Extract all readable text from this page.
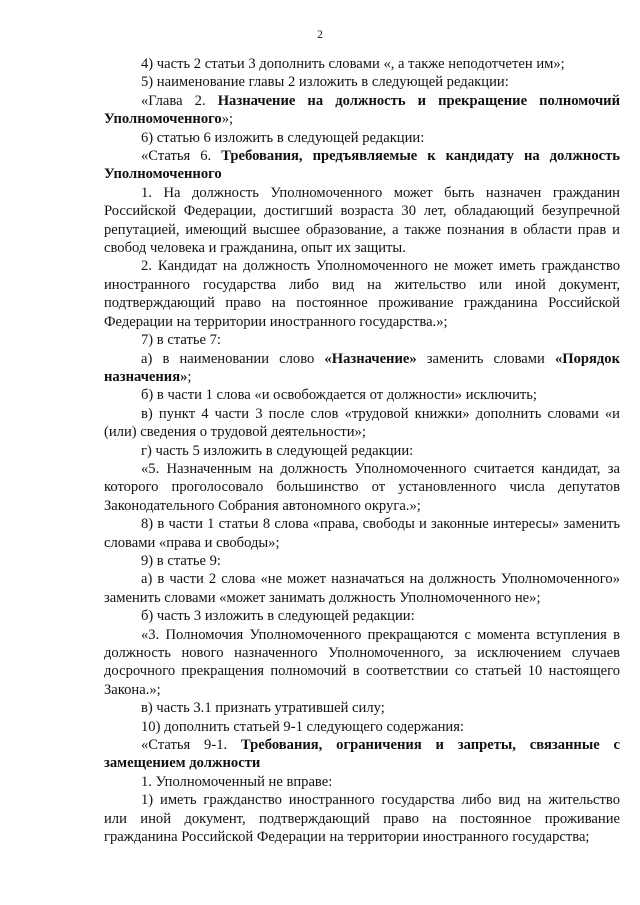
2

4) часть 2 статьи 3 дополнить словами «, а также неподотчетен им»;

5) наименование главы 2 изложить в следующей редакции:

«Глава 2. Назначение на должность и прекращение полномочий Уполномоченного»;

6) статью 6 изложить в следующей редакции:

«Статья 6. Требования, предъявляемые к кандидату на должность Уполномоченного

1. На должность Уполномоченного может быть назначен гражданин Российской Федерации, достигший возраста 30 лет, обладающий безупречной репутацией, имеющий высшее образование, а также познания в области прав и свобод человека и гражданина, опыт их защиты.

2. Кандидат на должность Уполномоченного не может иметь гражданство иностранного государства либо вид на жительство или иной документ, подтверждающий право на постоянное проживание гражданина Российской Федерации на территории иностранного государства.»;

7) в статье 7:

а) в наименовании слово «Назначение» заменить словами «Порядок назначения»;

б) в части 1 слова «и освобождается от должности» исключить;

в) пункт 4 части 3 после слов «трудовой книжки» дополнить словами «и (или) сведения о трудовой деятельности»;

г) часть 5 изложить в следующей редакции:

«5. Назначенным на должность Уполномоченного считается кандидат, за которого проголосовало большинство от установленного числа депутатов Законодательного Собрания автономного округа.»;

8) в части 1 статьи 8 слова «права, свободы и законные интересы» заменить словами «права и свободы»;

9) в статье 9:

а) в части 2 слова «не может назначаться на должность Уполномоченного» заменить словами «может занимать должность Уполномоченного не»;

б) часть 3 изложить в следующей редакции:

«3. Полномочия Уполномоченного прекращаются с момента вступления в должность нового назначенного Уполномоченного, за исключением случаев досрочного прекращения полномочий в соответствии со статьей 10 настоящего Закона.»;

в) часть 3.1 признать утратившей силу;

10) дополнить статьей 9-1 следующего содержания:

«Статья 9-1. Требования, ограничения и запреты, связанные с замещением должности

1. Уполномоченный не вправе:

1) иметь гражданство иностранного государства либо вид на жительство или иной документ, подтверждающий право на постоянное проживание гражданина Российской Федерации на территории иностранного государства;
